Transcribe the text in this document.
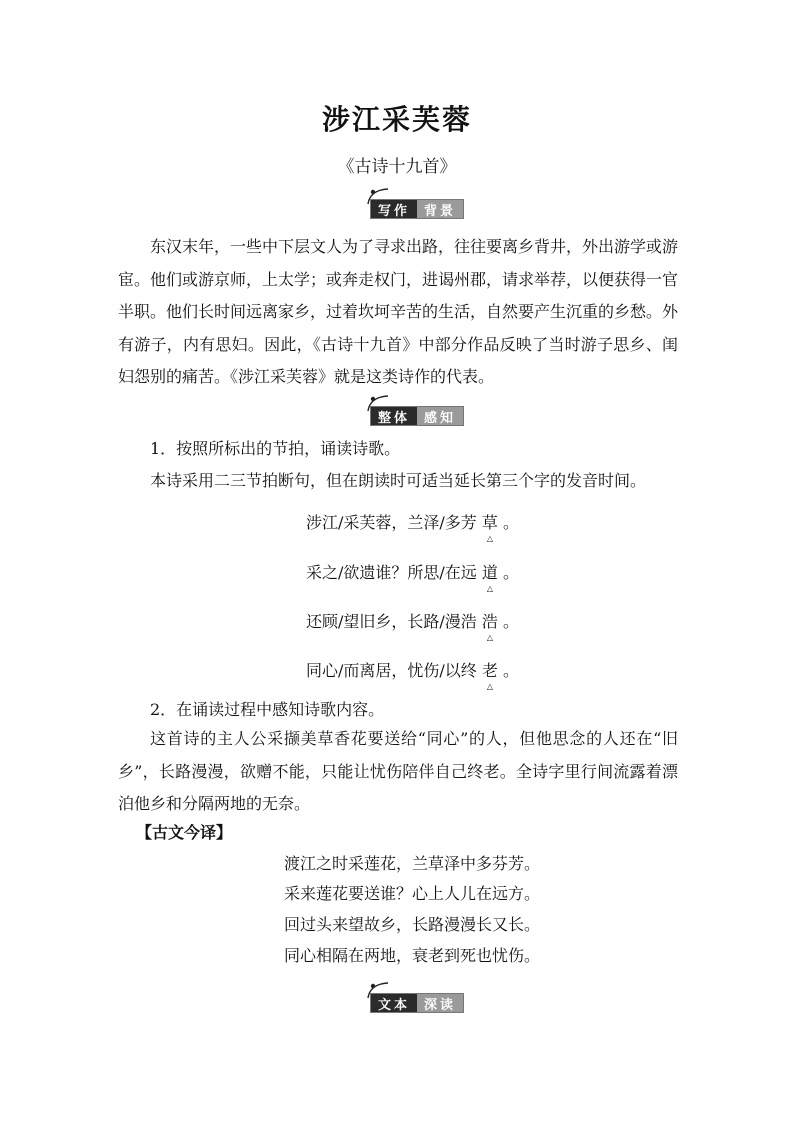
涉江采芙蓉
《古诗十九首》
写作	背景
东汉末年，一些中下层文人为了寻求出路，往往要离乡背井，外出游学或游宦。他们或游京师，上太学；或奔走权门，进谒州郡，请求举荐，以便获得一官半职。他们长时间远离家乡，过着坎坷辛苦的生活，自然要产生沉重的乡愁。外有游子，内有思妇。因此，《古诗十九首》中部分作品反映了当时游子思乡、闺妇怨别的痛苦。《涉江采芙蓉》就是这类诗作的代表。
整体	感知
1．按照所标出的节拍，诵读诗歌。
本诗采用二三节拍断句，但在朗读时可适当延长第三个字的发音时间。
涉江/采芙蓉，兰泽/多芳 草 △ 。
采之/欲遗谁？所思/在远 道 △ 。
还顾/望旧乡，长路/漫浩 浩 △ 。
同心/而离居，忧伤/以终 老 △ 。
2．在诵读过程中感知诗歌内容。
这首诗的主人公采撷美草香花要送给“同心”的人，但他思念的人还在“旧乡”，长路漫漫，欲赠不能，只能让忧伤陪伴自己终老。全诗字里行间流露着漂泊他乡和分隔两地的无奈。
【古文今译】
渡江之时采莲花，兰草泽中多芬芳。
采来莲花要送谁？心上人儿在远方。
回过头来望故乡，长路漫漫长又长。
同心相隔在两地，衰老到死也忧伤。
文本	深读
